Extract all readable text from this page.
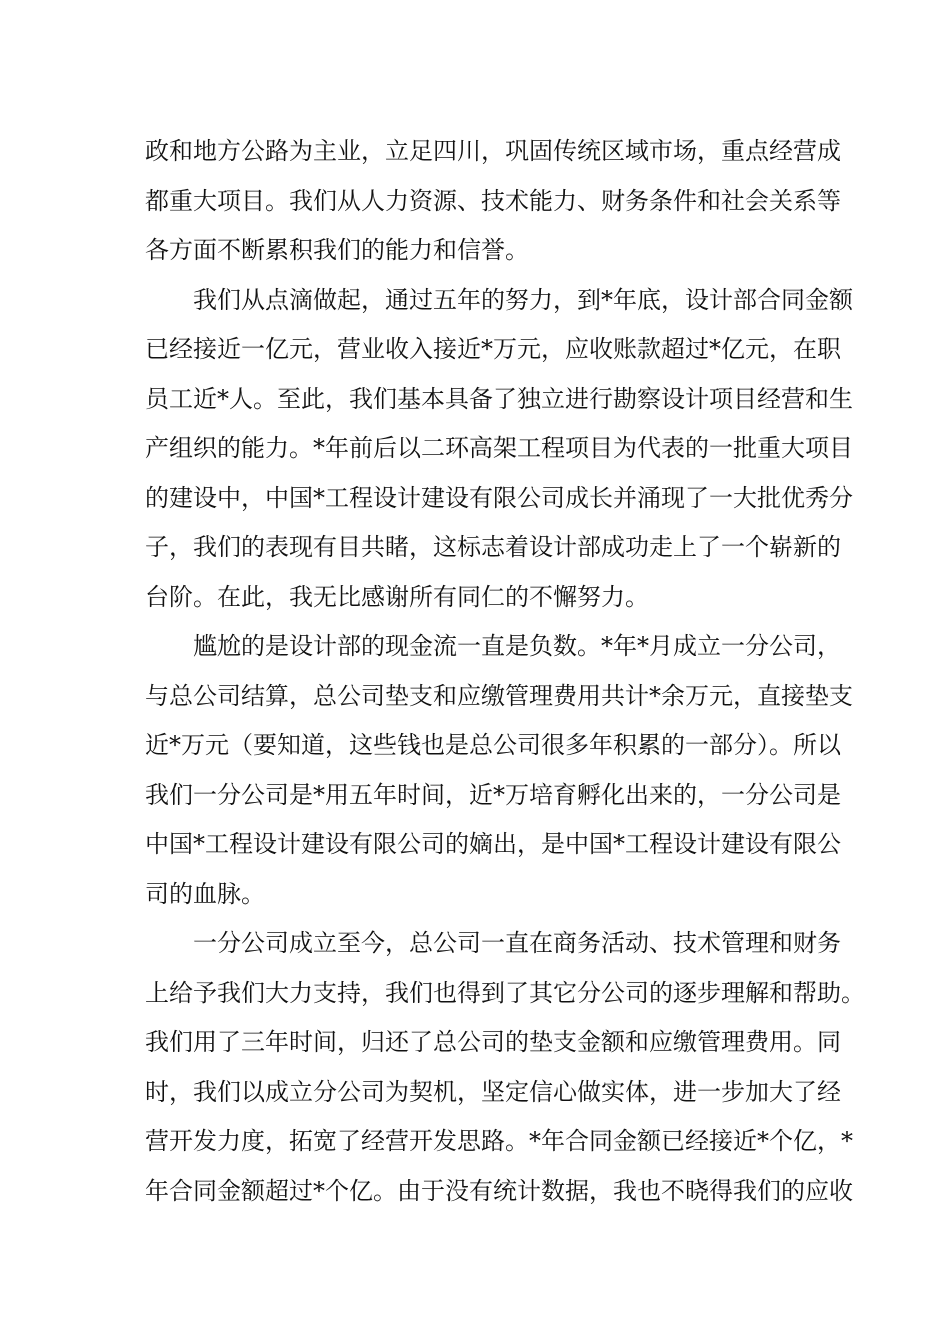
政和地方公路为主业，立足四川，巩固传统区域市场，重点经营成
都重大项目。我们从人力资源、技术能力、财务条件和社会关系等
各方面不断累积我们的能力和信誉。
我们从点滴做起，通过五年的努力，到*年底，设计部合同金额
已经接近一亿元，营业收入接近*万元，应收账款超过*亿元，在职
员工近*人。至此，我们基本具备了独立进行勘察设计项目经营和生
产组织的能力。*年前后以二环高架工程项目为代表的一批重大项目
的建设中，中国*工程设计建设有限公司成长并涌现了一大批优秀分
子，我们的表现有目共睹，这标志着设计部成功走上了一个崭新的
台阶。在此，我无比感谢所有同仁的不懈努力。
尴尬的是设计部的现金流一直是负数。*年*月成立一分公司，
与总公司结算，总公司垫支和应缴管理费用共计*余万元，直接垫支
近*万元（要知道，这些钱也是总公司很多年积累的一部分）。所以
我们一分公司是*用五年时间，近*万培育孵化出来的，一分公司是
中国*工程设计建设有限公司的嫡出，是中国*工程设计建设有限公
司的血脉。
一分公司成立至今，总公司一直在商务活动、技术管理和财务
上给予我们大力支持，我们也得到了其它分公司的逐步理解和帮助。
我们用了三年时间，归还了总公司的垫支金额和应缴管理费用。同
时，我们以成立分公司为契机，坚定信心做实体，进一步加大了经
营开发力度，拓宽了经营开发思路。*年合同金额已经接近*个亿，*
年合同金额超过*个亿。由于没有统计数据，我也不晓得我们的应收
